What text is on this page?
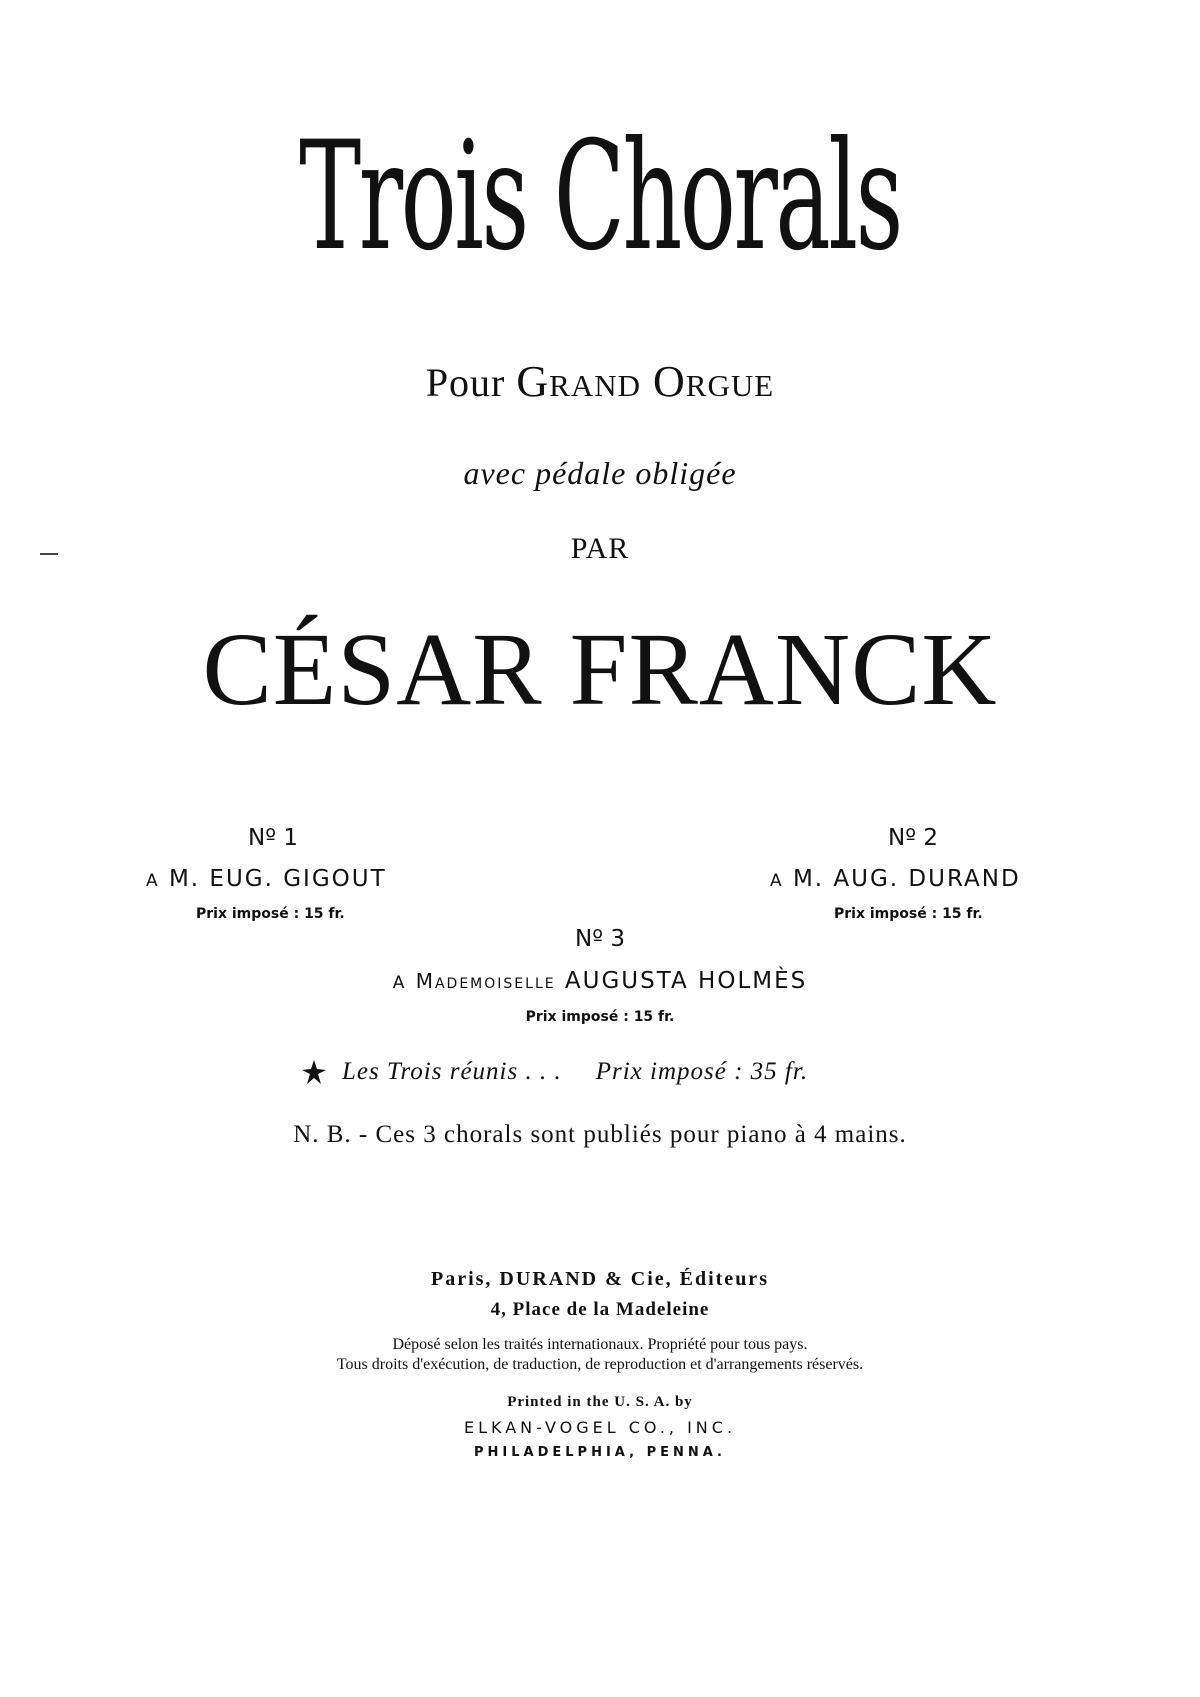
Trois Chorals
Pour Grand Orgue
avec pédale obligée
PAR
CÉSAR FRANCK
Nº 1
A M. EUG. GIGOUT
Prix imposé : 15 fr.
Nº 2
A M. AUG. DURAND
Prix imposé : 15 fr.
Nº 3
A Mademoiselle AUGUSTA HOLMÈS
Prix imposé : 15 fr.
Les Trois réunis . . . Prix imposé : 35 fr.
N. B. - Ces 3 chorals sont publiés pour piano à 4 mains.
Paris, DURAND & Cie, Éditeurs
4, Place de la Madeleine
Déposé selon les traités internationaux. Propriété pour tous pays.
Tous droits d'exécution, de traduction, de reproduction et d'arrangements réservés.
Printed in the U. S. A. by
ELKAN-VOGEL CO., INC.
PHILADELPHIA, PENNA.
